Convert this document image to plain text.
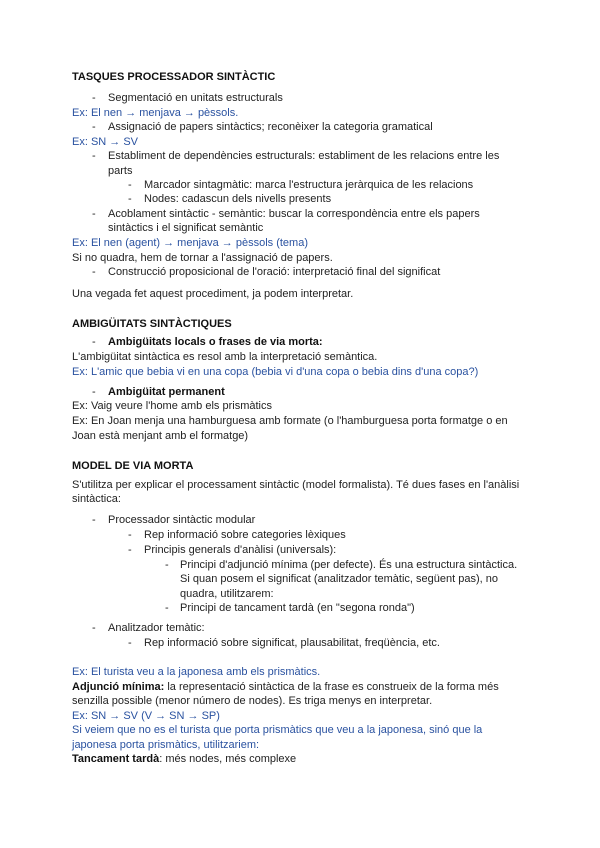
TASQUES PROCESSADOR SINTÀCTIC
- Segmentació en unitats estructurals
Ex: El nen → menjava → pèssols.
- Assignació de papers sintàctics; reconèixer la categoria gramatical
Ex: SN → SV
- Establiment de dependències estructurals: establiment de les relacions entre les
parts
- Marcador sintagmàtic: marca l'estructura jeràrquica de les relacions
- Nodes: cadascun dels nivells presents
- Acoblament sintàctic - semàntic: buscar la correspondència entre els papers
sintàctics i el significat semàntic
Ex: El nen (agent) → menjava → pèssols (tema)
Si no quadra, hem de tornar a l'assignació de papers.
- Construcció proposicional de l'oració: interpretació final del significat
Una vegada fet aquest procediment, ja podem interpretar.
AMBIGÜITATS SINTÀCTIQUES
- Ambigüitats locals o frases de via morta:
L'ambigüitat sintàctica es resol amb la interpretació semàntica.
Ex: L'amic que bebia vi en una copa (bebia vi d'una copa o bebia dins d'una copa?)
- Ambigüitat permanent
Ex: Vaig veure l'home amb els prismàtics
Ex: En Joan menja una hamburguesa amb formate (o l'hamburguesa porta formatge o en
Joan està menjant amb el formatge)
MODEL DE VIA MORTA
S'utilitza per explicar el processament sintàctic (model formalista). Té dues fases en l'anàlisi
sintàctica:
- Processador sintàctic modular
- Rep informació sobre categories lèxiques
- Principis generals d'anàlisi (universals):
- Principi d'adjunció mínima (per defecte). És una estructura sintàctica.
Si quan posem el significat (analitzador temàtic, següent pas), no
quadra, utilitzarem:
- Principi de tancament tardà (en "segona ronda")
- Analitzador temàtic:
- Rep informació sobre significat, plausabilitat, freqüència, etc.
Ex: El turista veu a la japonesa amb els prismàtics.
Adjunció mínima: la representació sintàctica de la frase es construeix de la forma més
senzilla possible (menor número de nodes). Es triga menys en interpretar.
Ex: SN → SV (V → SN → SP)
Si veiem que no es el turista que porta prismàtics que veu a la japonesa, sinó que la
japonesa porta prismàtics, utilitzariem:
Tancament tardà: més nodes, més complexe
